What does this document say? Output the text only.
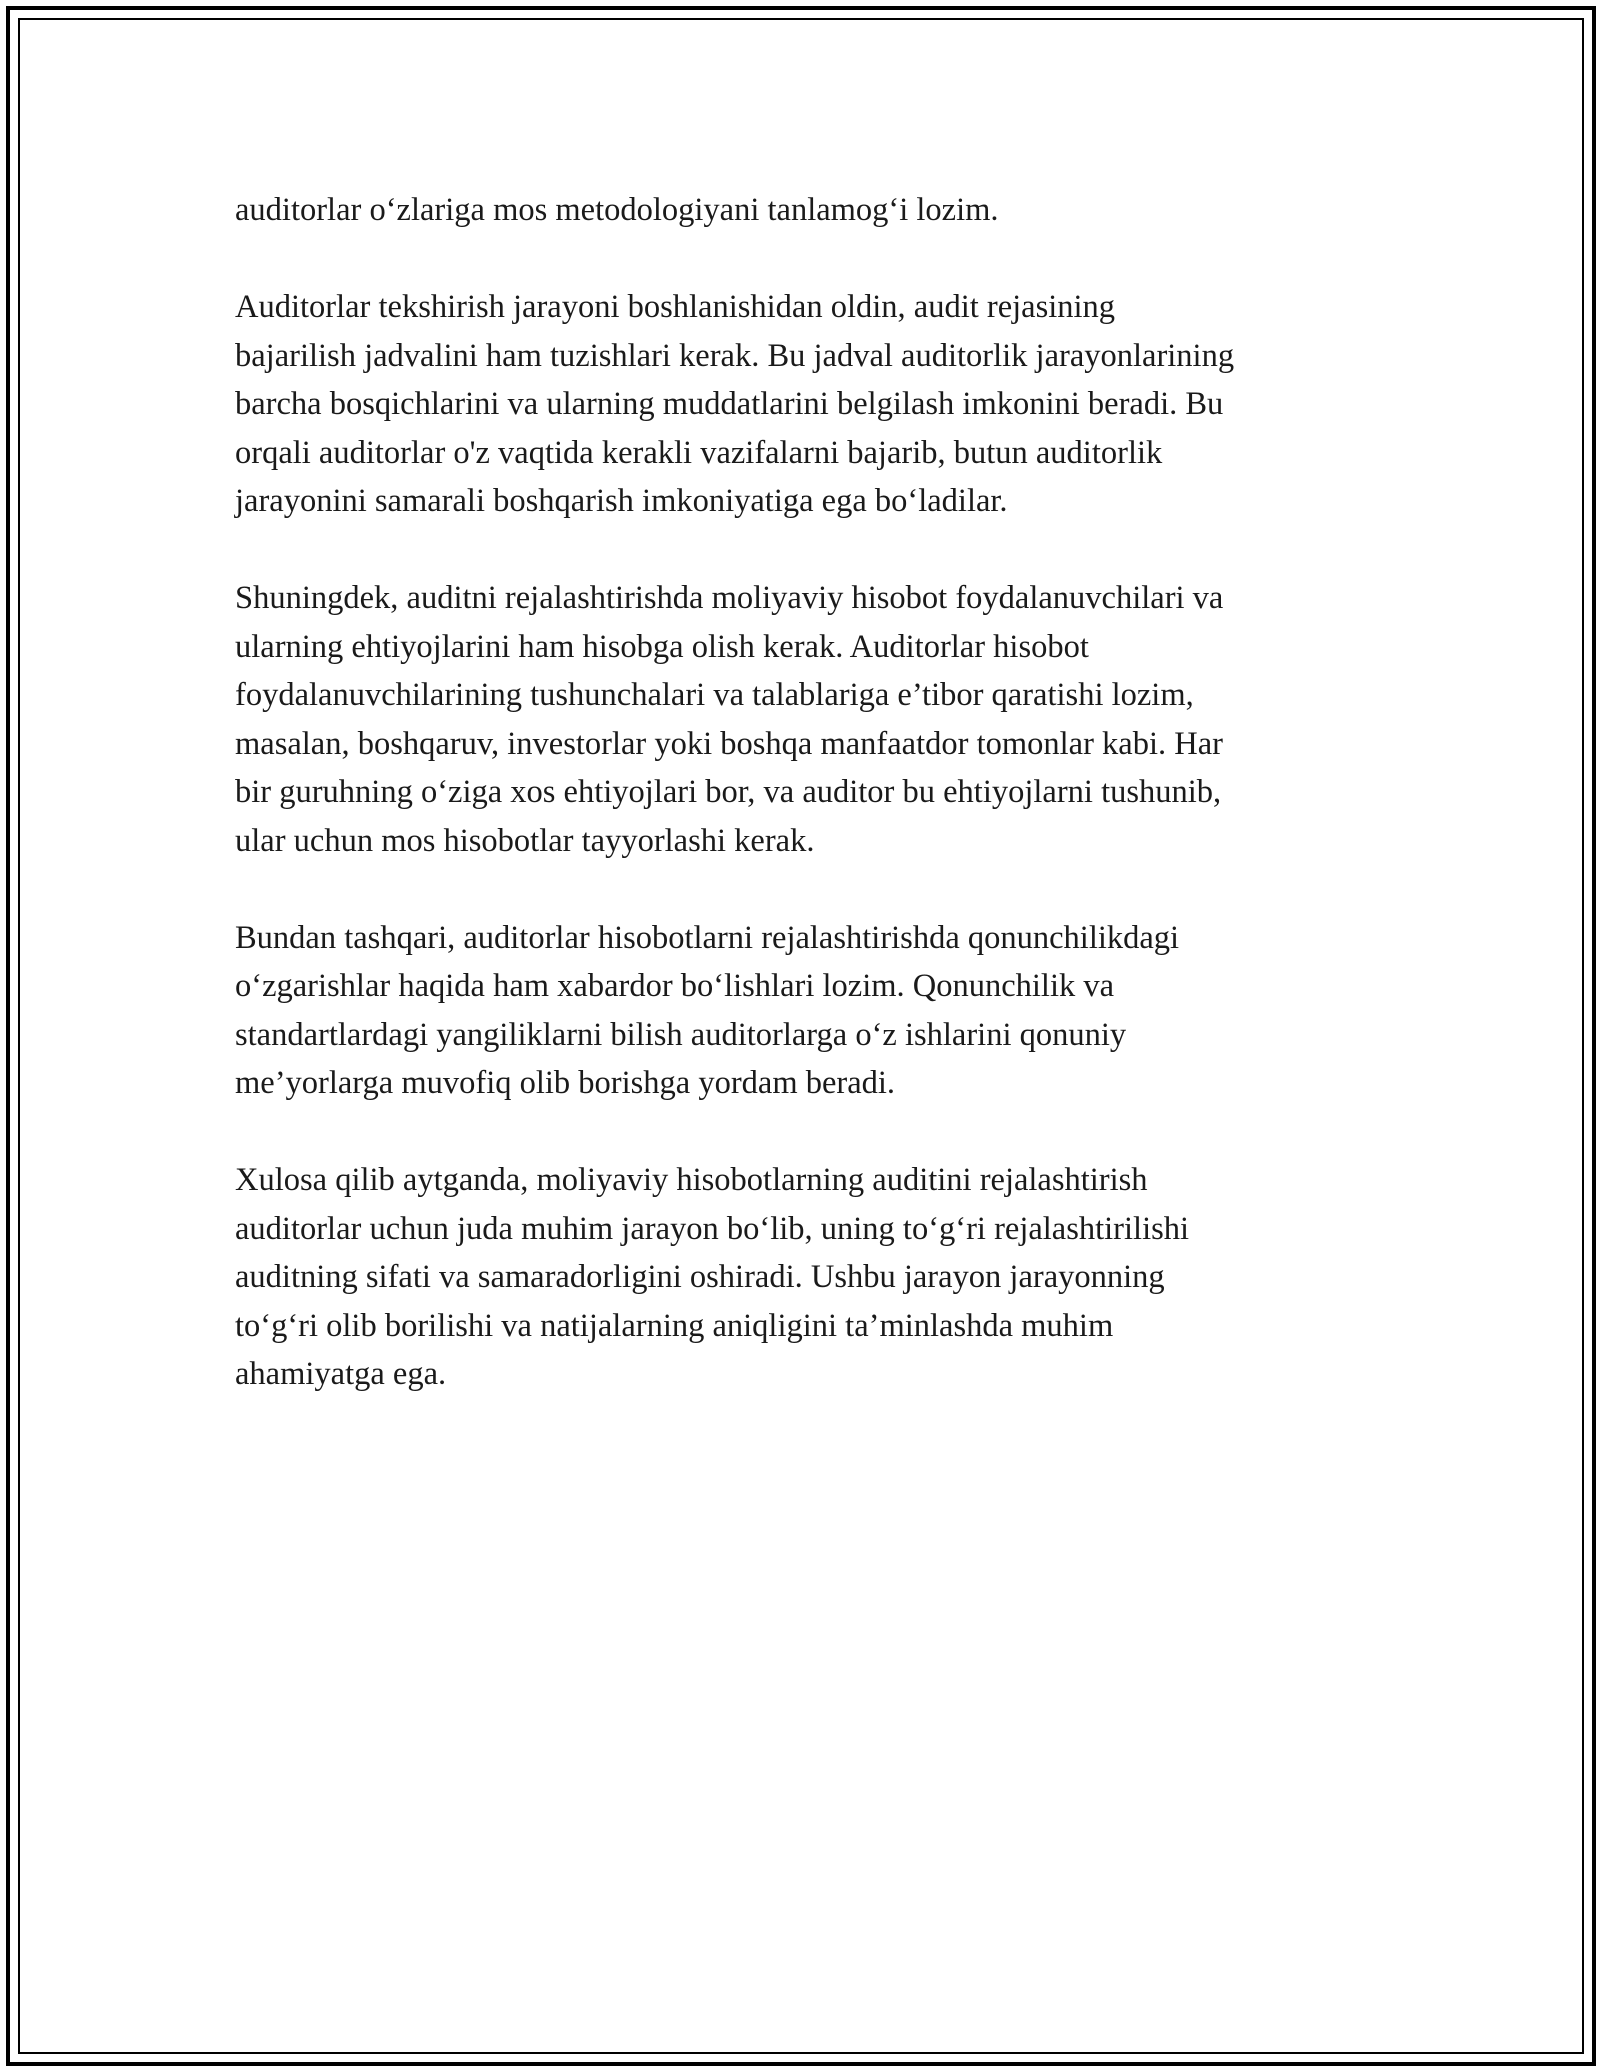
auditorlar o‘zlariga mos metodologiyani tanlamog‘i lozim.

Auditorlar tekshirish jarayoni boshlanishidan oldin, audit rejasining
bajarilish jadvalini ham tuzishlari kerak. Bu jadval auditorlik jarayonlarining
barcha bosqichlarini va ularning muddatlarini belgilash imkonini beradi. Bu
orqali auditorlar o'z vaqtida kerakli vazifalarni bajarib, butun auditorlik
jarayonini samarali boshqarish imkoniyatiga ega bo‘ladilar.

Shuningdek, auditni rejalashtirishda moliyaviy hisobot foydalanuvchilari va
ularning ehtiyojlarini ham hisobga olish kerak. Auditorlar hisobot
foydalanuvchilarining tushunchalari va talablariga e’tibor qaratishi lozim,
masalan, boshqaruv, investorlar yoki boshqa manfaatdor tomonlar kabi. Har
bir guruhning o‘ziga xos ehtiyojlari bor, va auditor bu ehtiyojlarni tushunib,
ular uchun mos hisobotlar tayyorlashi kerak.

Bundan tashqari, auditorlar hisobotlarni rejalashtirishda qonunchilikdagi
o‘zgarishlar haqida ham xabardor bo‘lishlari lozim. Qonunchilik va
standartlardagi yangiliklarni bilish auditorlarga o‘z ishlarini qonuniy
me’yorlarga muvofiq olib borishga yordam beradi.

Xulosa qilib aytganda, moliyaviy hisobotlarning auditini rejalashtirish
auditorlar uchun juda muhim jarayon bo‘lib, uning to‘g‘ri rejalashtirilishi
auditning sifati va samaradorligini oshiradi. Ushbu jarayon jarayonning
to‘g‘ri olib borilishi va natijalarning aniqligini ta’minlashda muhim
ahamiyatga ega.
